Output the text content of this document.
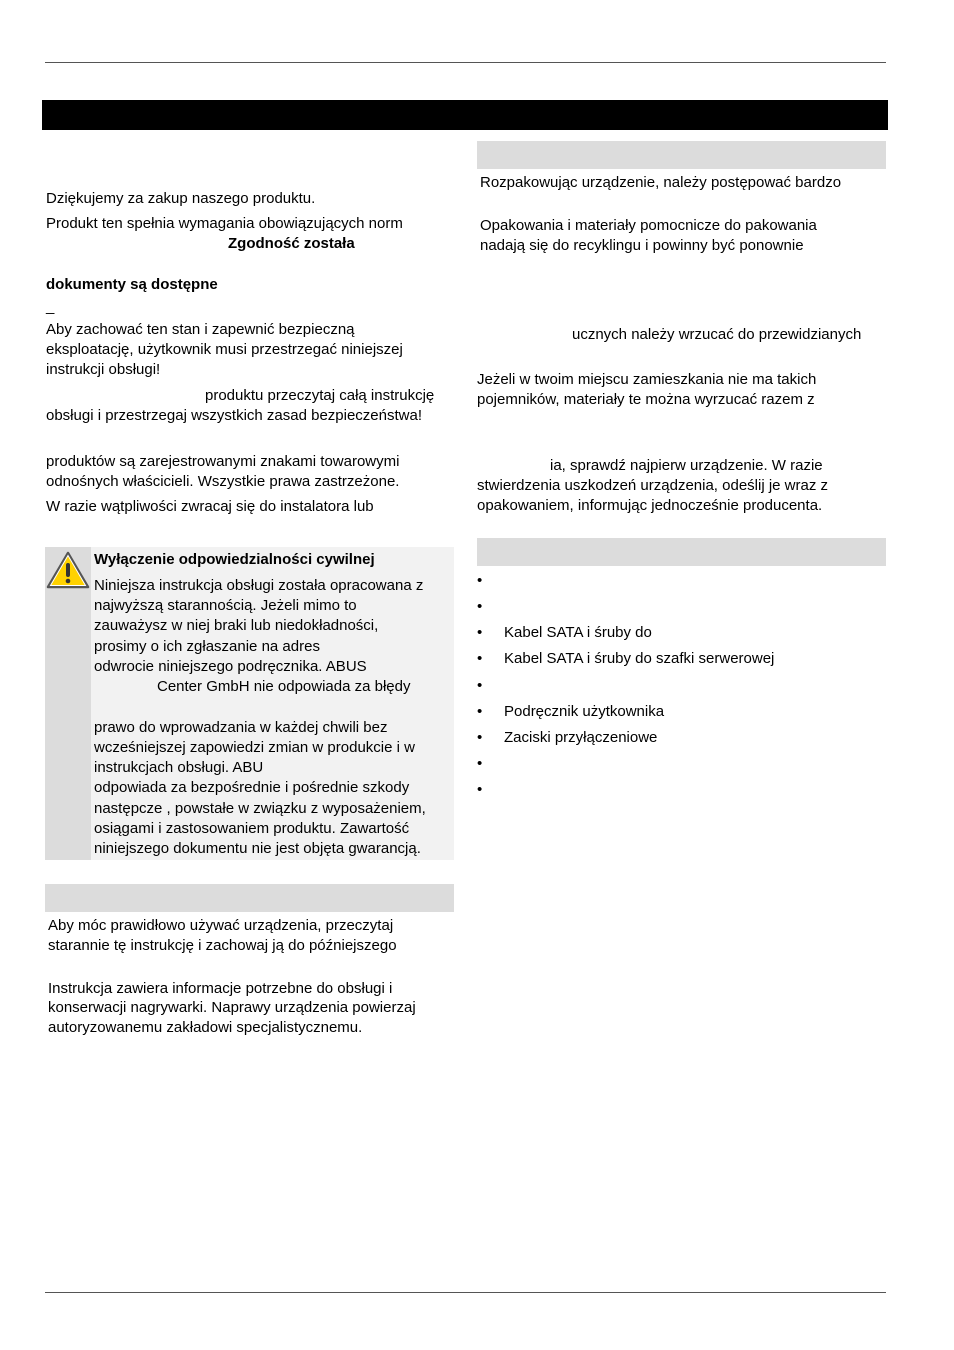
Dziękujemy za zakup naszego produktu.
Produkt ten spełnia wymagania obowiązujących norm
Zgodność została
dokumenty są dostępne
_
Aby zachować ten stan i zapewnić bezpieczną
eksploatację, użytkownik musi przestrzegać niniejszej
instrukcji obsługi!
produktu przeczytaj całą instrukcję
obsługi i przestrzegaj wszystkich zasad bezpieczeństwa!
produktów są zarejestrowanymi znakami towarowymi
odnośnych właścicieli. Wszystkie prawa zastrzeżone.
W razie wątpliwości zwracaj się do instalatora lub
Wyłączenie odpowiedzialności cywilnej
Niniejsza instrukcja obsługi została opracowana z
najwyższą starannością. Jeżeli mimo to
zauważysz w niej braki lub niedokładności,
prosimy o ich zgłaszanie na adres
odwrocie niniejszego podręcznika. ABUS
Center GmbH nie odpowiada za błędy
prawo do wprowadzania w każdej chwili bez
wcześniejszej zapowiedzi zmian w produkcie i w
instrukcjach obsługi. ABU
odpowiada za bezpośrednie i pośrednie szkody
następcze , powstałe w związku z wyposażeniem,
osiągami i zastosowaniem produktu. Zawartość
niniejszego dokumentu nie jest objęta gwarancją.
Aby móc prawidłowo używać urządzenia, przeczytaj
starannie tę instrukcję i zachowaj ją do późniejszego
Instrukcja zawiera informacje potrzebne do obsługi i
konserwacji nagrywarki. Naprawy urządzenia powierzaj
autoryzowanemu zakładowi specjalistycznemu.
Rozpakowując urządzenie, należy postępować bardzo
Opakowania i materiały pomocnicze do pakowania
nadają się do recyklingu i powinny być ponownie
ucznych należy wrzucać do przewidzianych
Jeżeli w twoim miejscu zamieszkania nie ma takich
pojemników, materiały te można wyrzucać razem z
ia, sprawdź najpierw urządzenie. W razie
stwierdzenia uszkodzeń urządzenia, odeślij je wraz z
opakowaniem, informując jednocześnie producenta.
•
•
• Kabel SATA i śruby do
• Kabel SATA i śruby do szafki serwerowej
•
• Podręcznik użytkownika
• Zaciski przyłączeniowe
•
•
